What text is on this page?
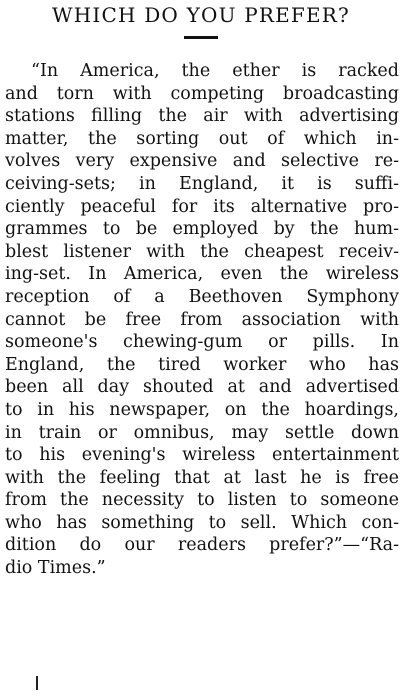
WHICH DO YOU PREFER?
“In America, the ether is racked
and torn with competing broadcasting
stations filling the air with advertising
matter, the sorting out of which in-
volves very expensive and selective re-
ceiving-sets; in England, it is suffi-
ciently peaceful for its alternative pro-
grammes to be employed by the hum-
blest listener with the cheapest receiv-
ing-set. In America, even the wireless
reception of a Beethoven Symphony
cannot be free from association with
someone's chewing-gum or pills. In
England, the tired worker who has
been all day shouted at and advertised
to in his newspaper, on the hoardings,
in train or omnibus, may settle down
to his evening's wireless entertainment
with the feeling that at last he is free
from the necessity to listen to someone
who has something to sell. Which con-
dition do our readers prefer?”—“Ra-
dio Times.”
